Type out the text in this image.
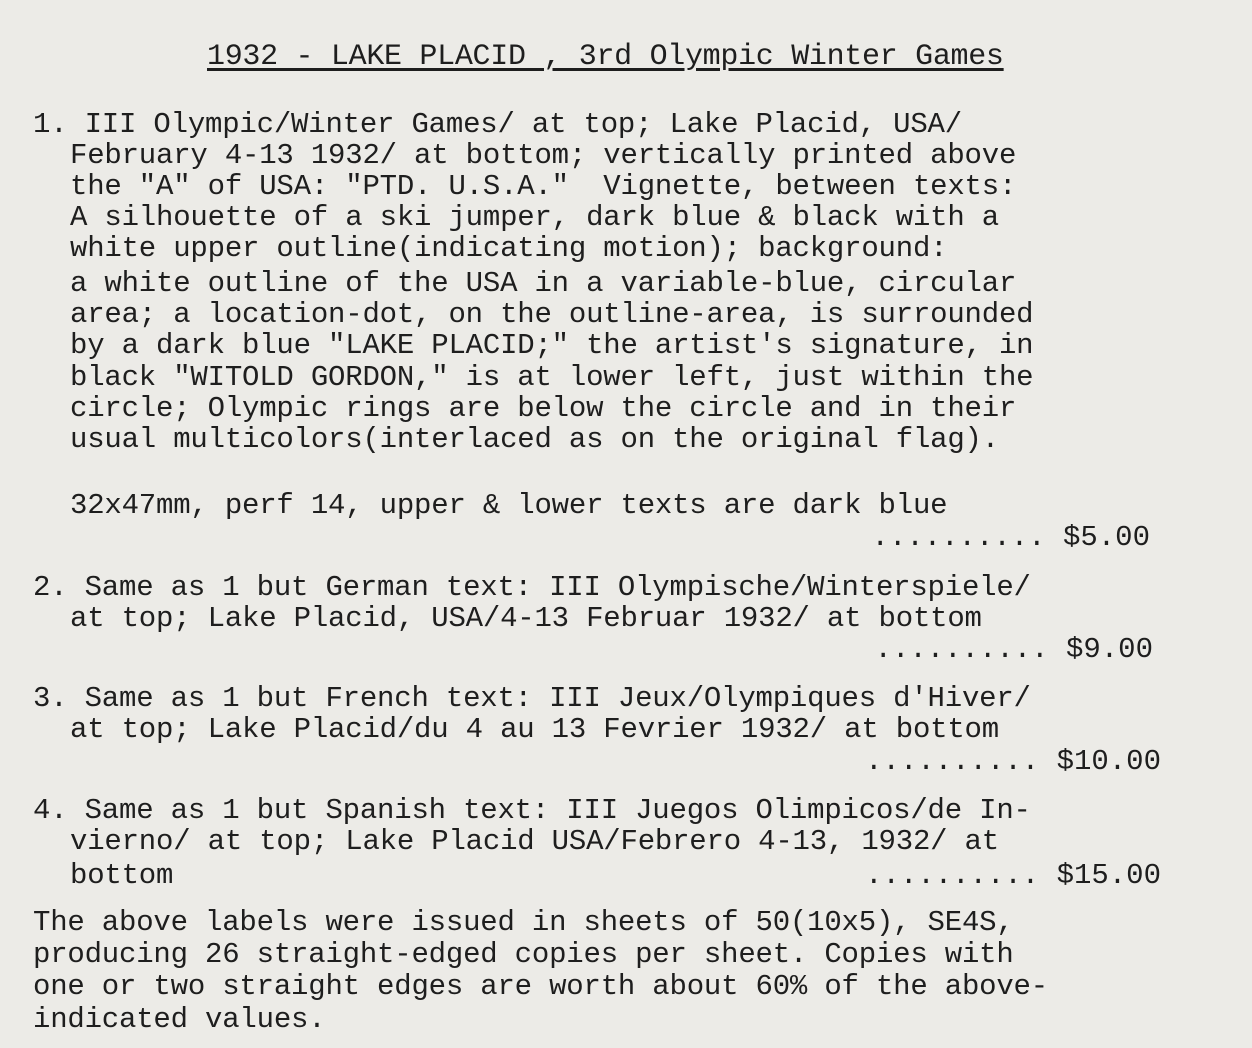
1932 - LAKE PLACID , 3rd Olympic Winter Games
1. III Olympic/Winter Games/ at top; Lake Placid, USA/
February 4-13 1932/ at bottom; vertically printed above
the "A" of USA: "PTD. U.S.A."  Vignette, between texts:
A silhouette of a ski jumper, dark blue & black with a
white upper outline(indicating motion); background:
a white outline of the USA in a variable-blue, circular
area; a location-dot, on the outline-area, is surrounded
by a dark blue "LAKE PLACID;" the artist's signature, in
black "WITOLD GORDON," is at lower left, just within the
circle; Olympic rings are below the circle and in their
usual multicolors(interlaced as on the original flag).
32x47mm, perf 14, upper & lower texts are dark blue
.......... $5.00
2. Same as 1 but German text: III Olympische/Winterspiele/
at top; Lake Placid, USA/4-13 Februar 1932/ at bottom
.......... $9.00
3. Same as 1 but French text: III Jeux/Olympiques d'Hiver/
at top; Lake Placid/du 4 au 13 Fevrier 1932/ at bottom
.......... $10.00
4. Same as 1 but Spanish text: III Juegos Olimpicos/de In-
vierno/ at top; Lake Placid USA/Febrero 4-13, 1932/ at
bottom	.......... $15.00
The above labels were issued in sheets of 50(10x5), SE4S,
producing 26 straight-edged copies per sheet. Copies with
one or two straight edges are worth about 60% of the above-
indicated values.
